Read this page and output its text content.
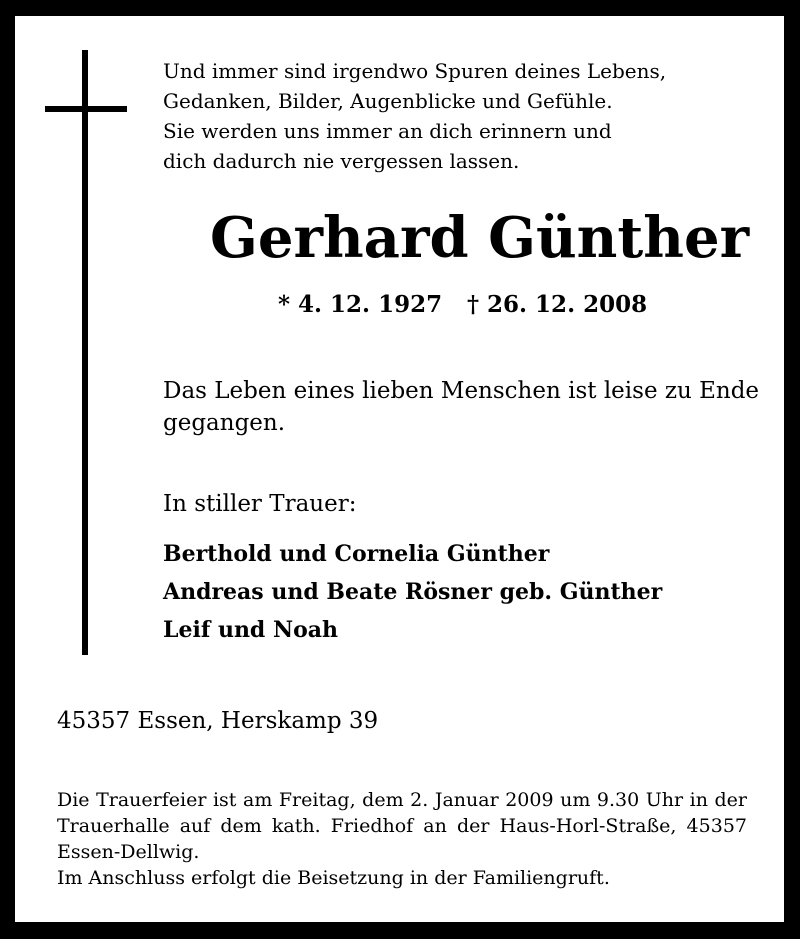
Und immer sind irgendwo Spuren deines Lebens,
Gedanken, Bilder, Augenblicke und Gefühle.
Sie werden uns immer an dich erinnern und
dich dadurch nie vergessen lassen.
Gerhard Günther
* 4. 12. 1927 † 26. 12. 2008
Das Leben eines lieben Menschen ist leise zu Ende gegangen.
In stiller Trauer:
Berthold und Cornelia Günther
Andreas und Beate Rösner geb. Günther
Leif und Noah
45357 Essen, Herskamp 39
Die Trauerfeier ist am Freitag, dem 2. Januar 2009 um 9.30 Uhr in der
Trauerhalle auf dem kath. Friedhof an der Haus-Horl-Straße, 45357
Essen-Dellwig.
Im Anschluss erfolgt die Beisetzung in der Familiengruft.
